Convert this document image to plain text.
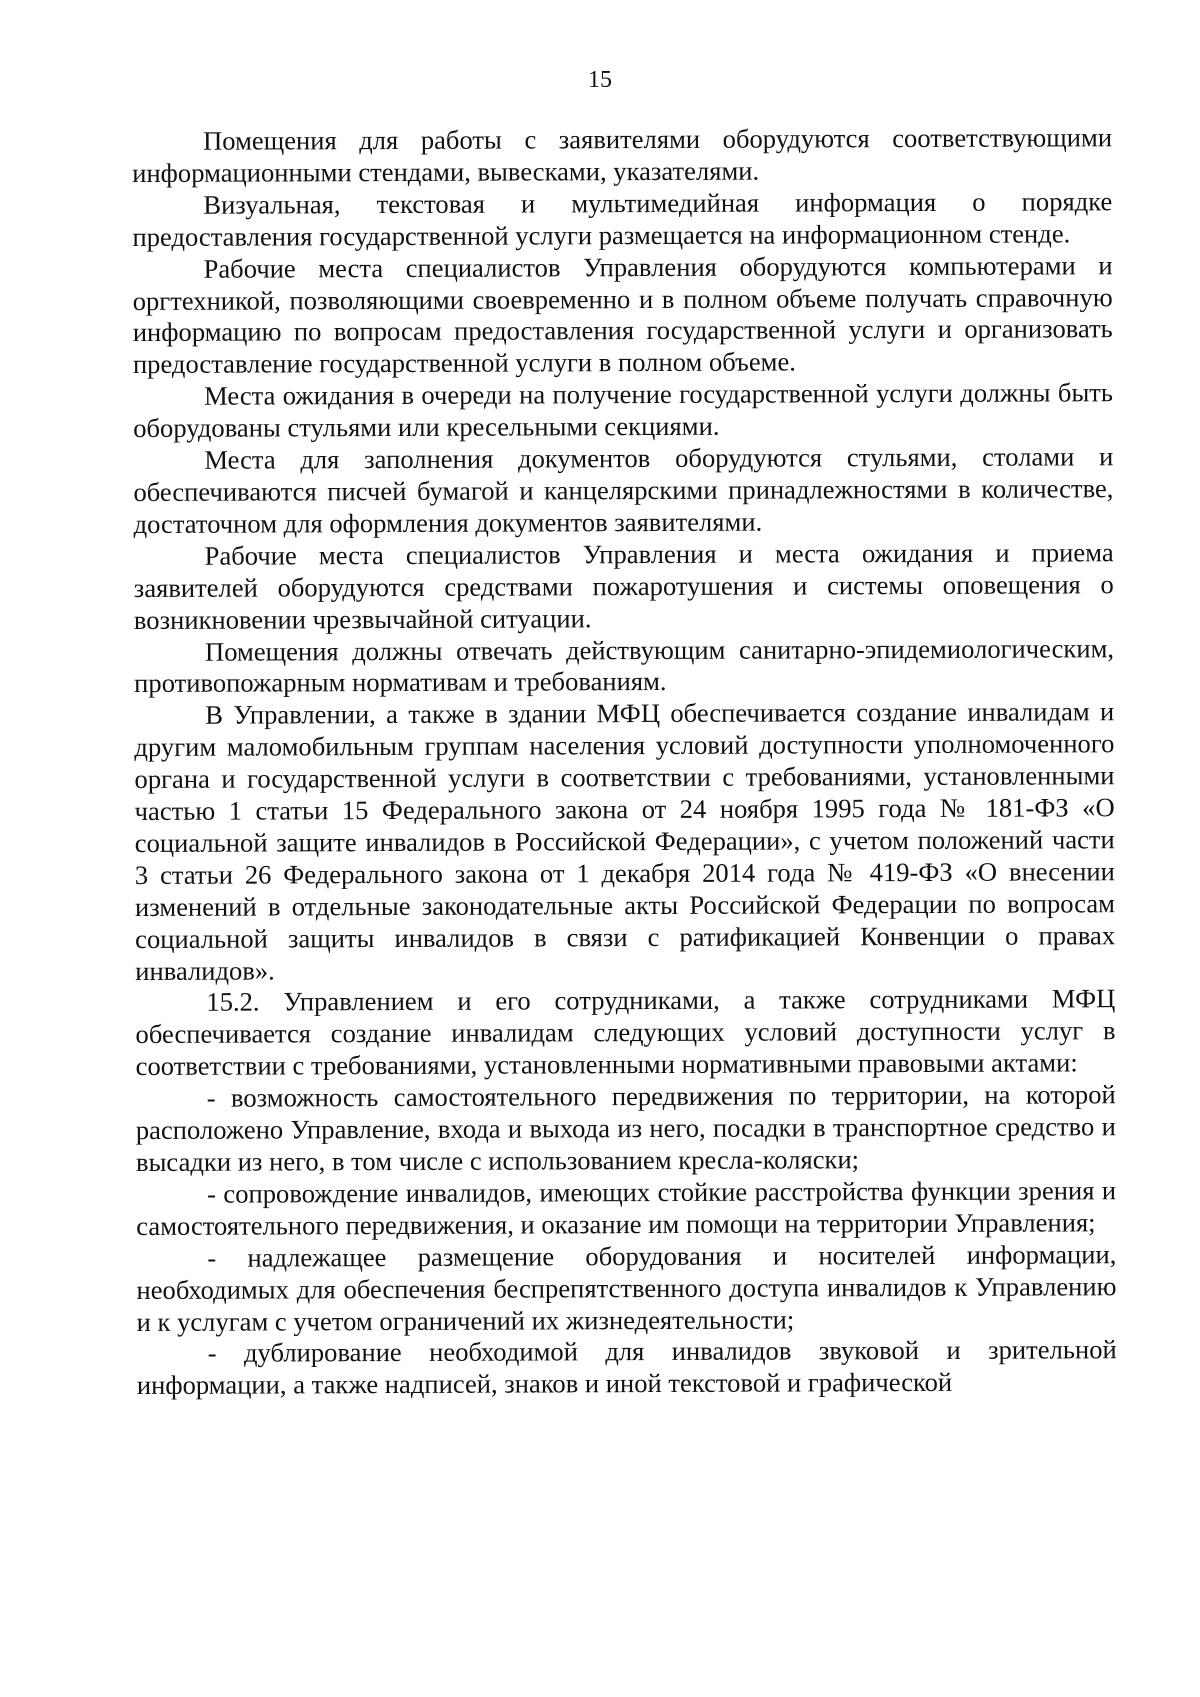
15

Помещения для работы с заявителями оборудуются соответствующими информационными стендами, вывесками, указателями.

Визуальная, текстовая и мультимедийная информация о порядке предоставления государственной услуги размещается на информационном стенде.

Рабочие места специалистов Управления оборудуются компьютерами и оргтехникой, позволяющими своевременно и в полном объеме получать справочную информацию по вопросам предоставления государственной услуги и организовать предоставление государственной услуги в полном объеме.

Места ожидания в очереди на получение государственной услуги должны быть оборудованы стульями или кресельными секциями.

Места для заполнения документов оборудуются стульями, столами и обеспечиваются писчей бумагой и канцелярскими принадлежностями в количестве, достаточном для оформления документов заявителями.

Рабочие места специалистов Управления и места ожидания и приема заявителей оборудуются средствами пожаротушения и системы оповещения о возникновении чрезвычайной ситуации.

Помещения должны отвечать действующим санитарно-эпидемиологическим, противопожарным нормативам и требованиям.

В Управлении, а также в здании МФЦ обеспечивается создание инвалидам и другим маломобильным группам населения условий доступности уполномоченного органа и государственной услуги в соответствии с требованиями, установленными частью 1 статьи 15 Федерального закона от 24 ноября 1995 года № 181-ФЗ «О социальной защите инвалидов в Российской Федерации», с учетом положений части 3 статьи 26 Федерального закона от 1 декабря 2014 года № 419-ФЗ «О внесении изменений в отдельные законодательные акты Российской Федерации по вопросам социальной защиты инвалидов в связи с ратификацией Конвенции о правах инвалидов».

15.2. Управлением и его сотрудниками, а также сотрудниками МФЦ обеспечивается создание инвалидам следующих условий доступности услуг в соответствии с требованиями, установленными нормативными правовыми актами:

- возможность самостоятельного передвижения по территории, на которой расположено Управление, входа и выхода из него, посадки в транспортное средство и высадки из него, в том числе с использованием кресла-коляски;

- сопровождение инвалидов, имеющих стойкие расстройства функции зрения и самостоятельного передвижения, и оказание им помощи на территории Управления;

- надлежащее размещение оборудования и носителей информации, необходимых для обеспечения беспрепятственного доступа инвалидов к Управлению и к услугам с учетом ограничений их жизнедеятельности;

- дублирование необходимой для инвалидов звуковой и зрительной информации, а также надписей, знаков и иной текстовой и графической
